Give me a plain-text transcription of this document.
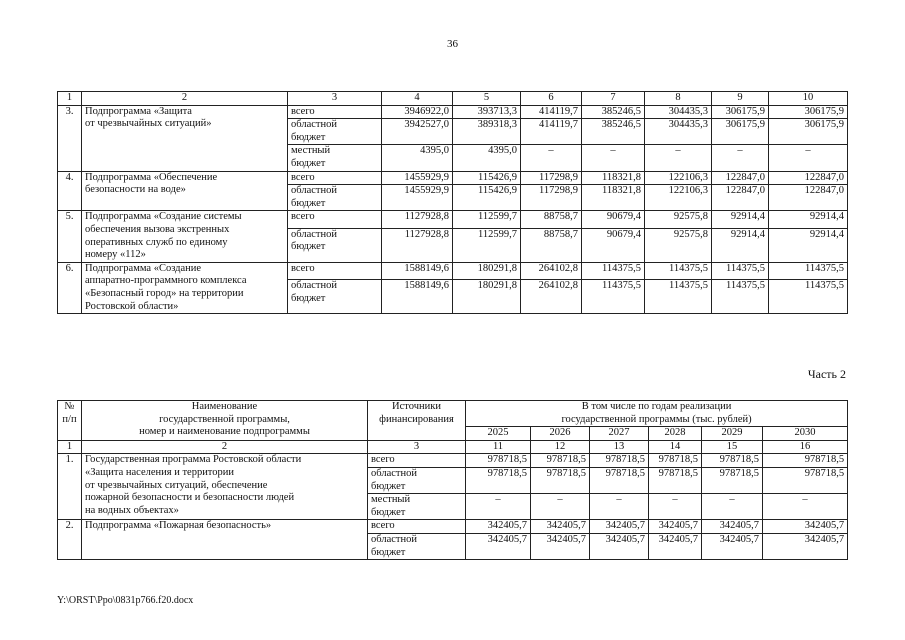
36
1	2	3	4	5	6	7	8	9	10
3.	Подпрограмма «Защита
от чрезвычайных ситуаций»	всего	3946922,0	393713,3	414119,7	385246,5	304435,3	306175,9	306175,9
		областной
бюджет	3942527,0	389318,3	414119,7	385246,5	304435,3	306175,9	306175,9
		местный
бюджет	4395,0	4395,0	–	–	–	–	–
4.	Подпрограмма «Обеспечение
безопасности на воде»	всего	1455929,9	115426,9	117298,9	118321,8	122106,3	122847,0	122847,0
		областной
бюджет	1455929,9	115426,9	117298,9	118321,8	122106,3	122847,0	122847,0
5.	Подпрограмма «Создание системы
обеспечения вызова экстренных
оперативных служб по единому
номеру «112»	всего	1127928,8	112599,7	88758,7	90679,4	92575,8	92914,4	92914,4
		областной
бюджет	1127928,8	112599,7	88758,7	90679,4	92575,8	92914,4	92914,4
6.	Подпрограмма «Создание
аппаратно-программного комплекса
«Безопасный город» на территории
Ростовской области»	всего	1588149,6	180291,8	264102,8	114375,5	114375,5	114375,5	114375,5
		областной
бюджет	1588149,6	180291,8	264102,8	114375,5	114375,5	114375,5	114375,5
Часть 2
№
п/п	Наименование
государственной программы,
номер и наименование подпрограммы	Источники
финансирования	В том числе по годам реализации
государственной программы (тыс. рублей)					
			2025	2026	2027	2028	2029	2030
1	2	3	11	12	13	14	15	16
1.	Государственная программа Ростовской области
«Защита населения и территории
от чрезвычайных ситуаций, обеспечение
пожарной безопасности и безопасности людей
на водных объектах»	всего	978718,5	978718,5	978718,5	978718,5	978718,5	978718,5
		областной
бюджет	978718,5	978718,5	978718,5	978718,5	978718,5	978718,5
		местный
бюджет	–	–	–	–	–	–
2.	Подпрограмма «Пожарная безопасность»	всего	342405,7	342405,7	342405,7	342405,7	342405,7	342405,7
		областной
бюджет	342405,7	342405,7	342405,7	342405,7	342405,7	342405,7
Y:\ORST\Ppo\0831p766.f20.docx
